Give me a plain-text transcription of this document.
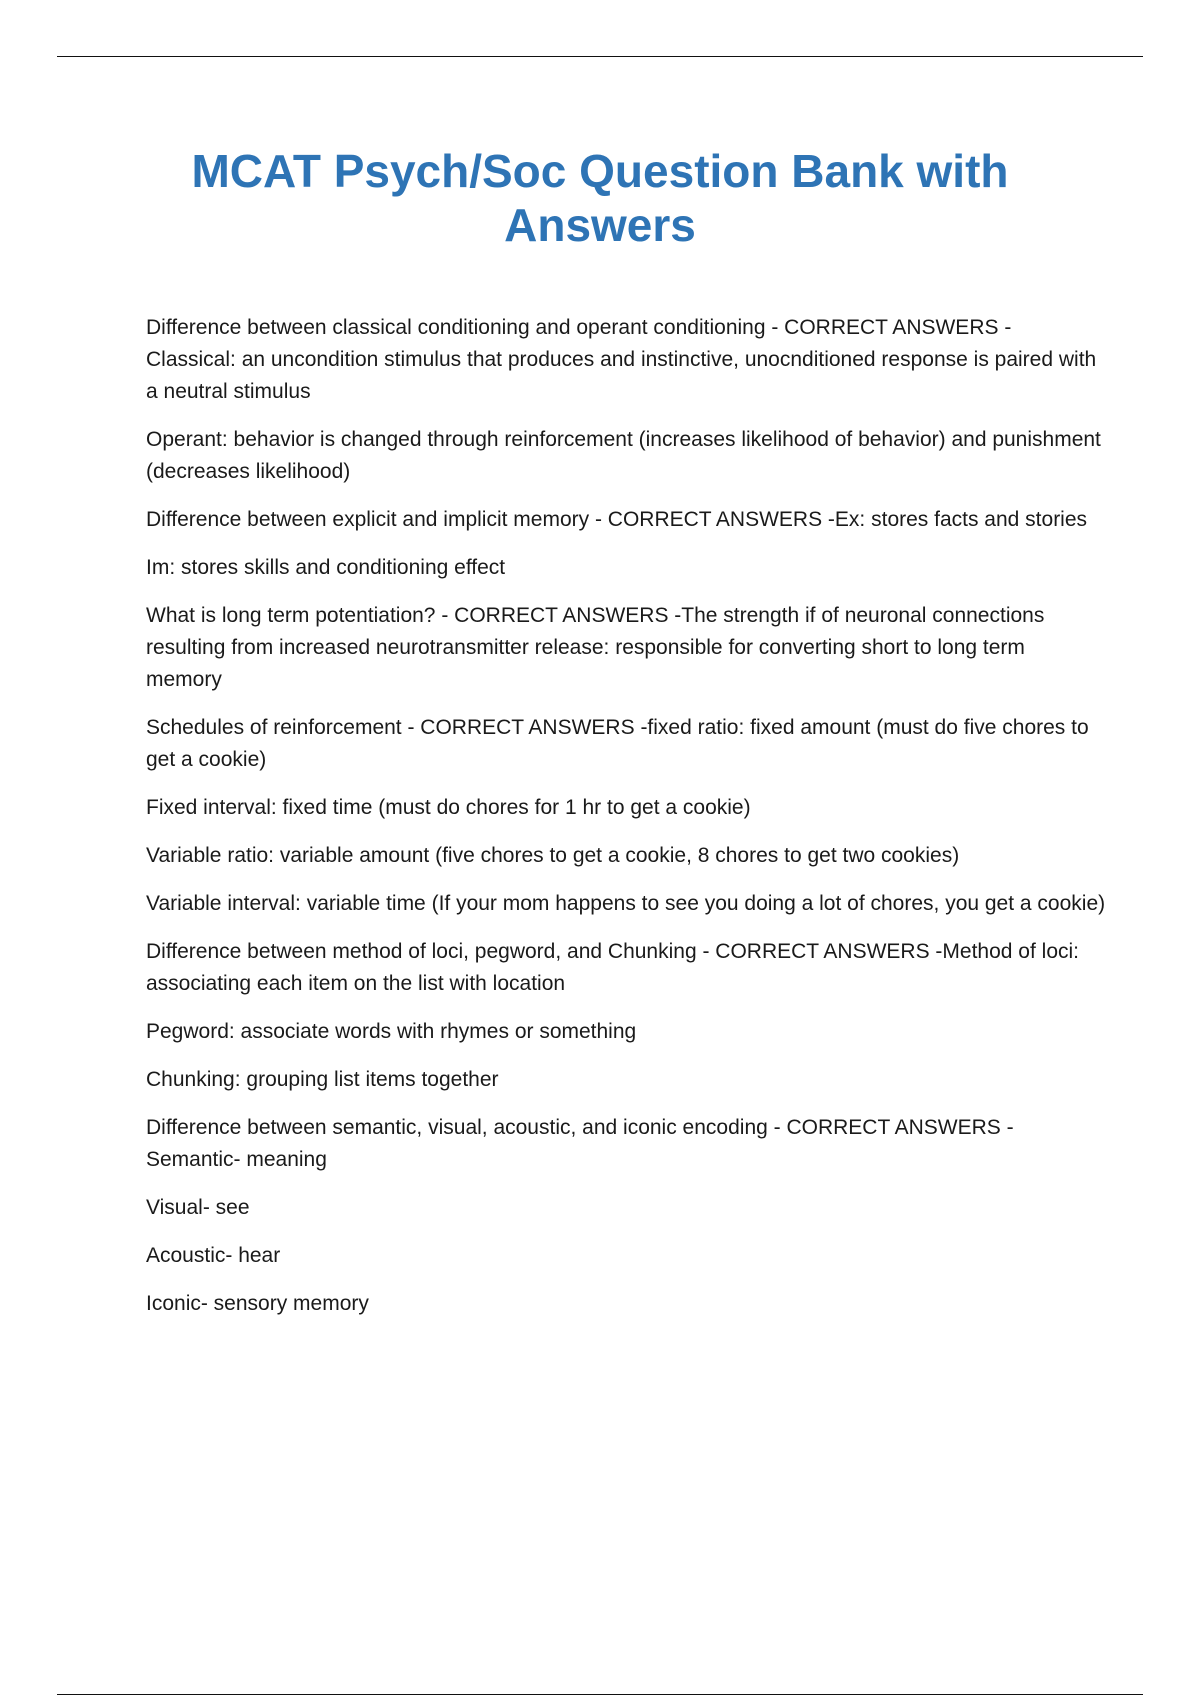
MCAT Psych/Soc Question Bank with
Answers

Difference between classical conditioning and operant conditioning - CORRECT ANSWERS - Classical: an uncondition stimulus that produces and instinctive, unocnditioned response is paired with a neutral stimulus

Operant: behavior is changed through reinforcement (increases likelihood of behavior) and punishment (decreases likelihood)

Difference between explicit and implicit memory - CORRECT ANSWERS -Ex: stores facts and stories

Im: stores skills and conditioning effect

What is long term potentiation? - CORRECT ANSWERS -The strength if of neuronal connections resulting from increased neurotransmitter release: responsible for converting short to long term memory

Schedules of reinforcement - CORRECT ANSWERS -fixed ratio: fixed amount (must do five chores to get a cookie)

Fixed interval: fixed time (must do chores for 1 hr to get a cookie)

Variable ratio: variable amount (five chores to get a cookie, 8 chores to get two cookies)

Variable interval: variable time (If your mom happens to see you doing a lot of chores, you get a cookie)

Difference between method of loci, pegword, and Chunking - CORRECT ANSWERS -Method of loci: associating each item on the list with location

Pegword: associate words with rhymes or something

Chunking: grouping list items together

Difference between semantic, visual, acoustic, and iconic encoding - CORRECT ANSWERS - Semantic- meaning

Visual- see

Acoustic- hear

Iconic- sensory memory
